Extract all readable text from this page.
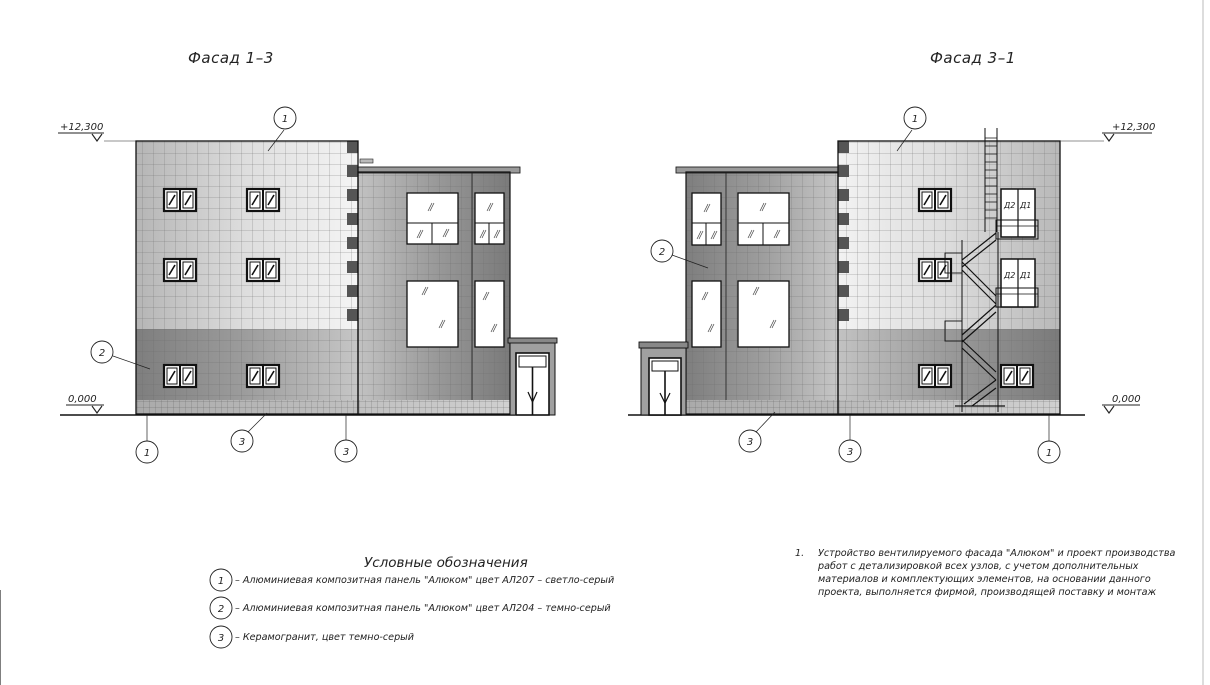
Фасад 1–3
+12,300
0,000
1
2
3
1	3
Фасад 3–1
Д2 Д1
Д2 Д1
+12,300
0,000
1
2
3
3	1
Условные обозначения
1 – Алюминиевая композитная панель "Алюком" цвет АЛ207 – светло-серый
2 – Алюминиевая композитная панель "Алюком" цвет АЛ204 – темно-серый
3 – Керамогранит, цвет темно-серый
1. Устройство вентилируемого фасада "Алюком" и проект производства
работ с детализировкой всех узлов, с учетом дополнительных
материалов и комплектующих элементов, на основании данного
проекта, выполняется фирмой, производящей поставку и монтаж
